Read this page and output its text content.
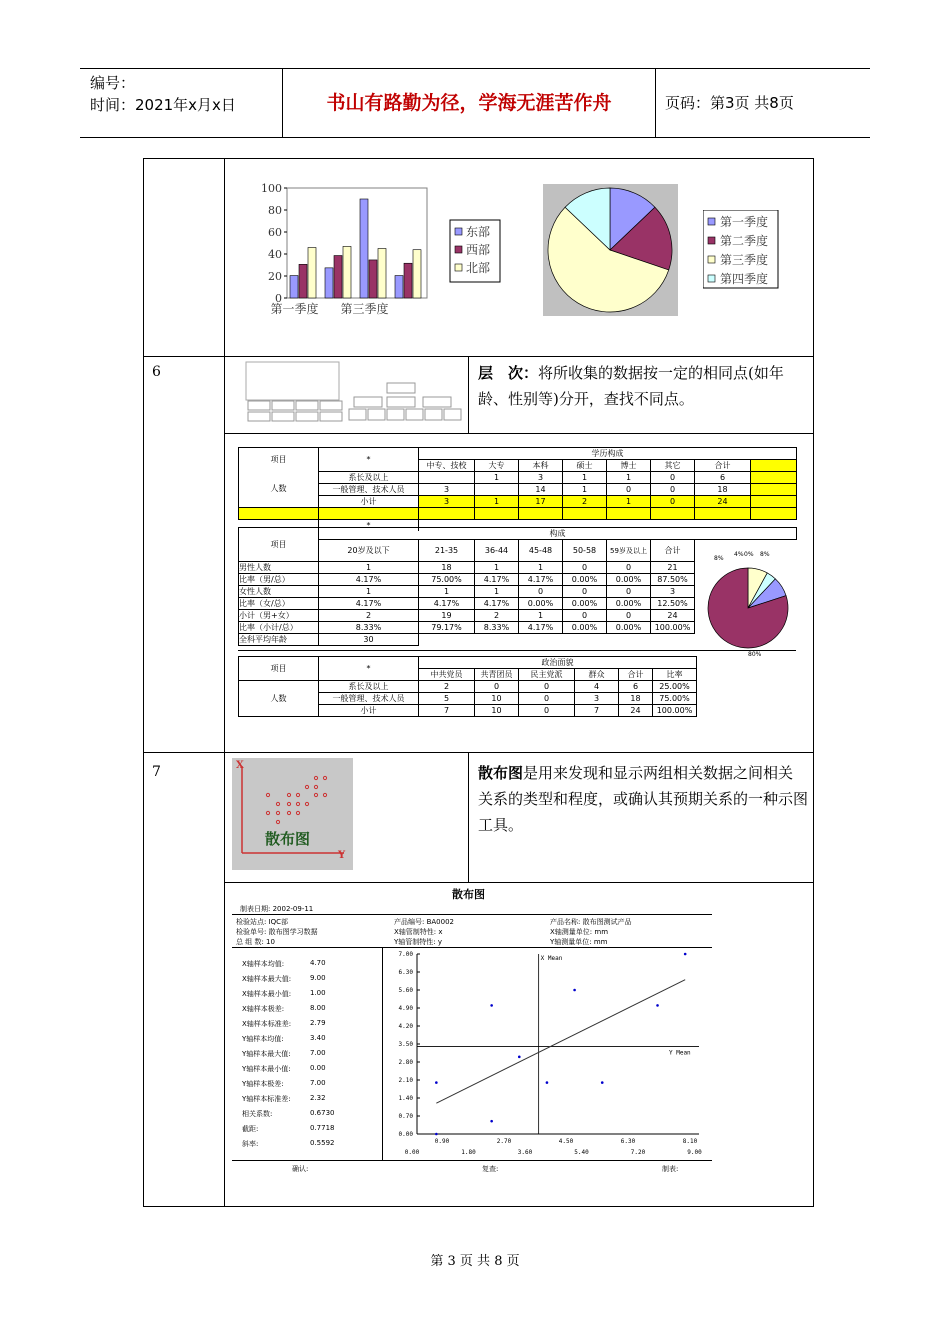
编号：
时间：2021年x月x日	书山有路勤为径，学海无涯苦作舟	页码：第3页 共8页
6
7
100
80
60
40
20
0
第一季度 第三季度
东部
西部
北部
第一季度
第二季度
第三季度
第四季度
层　次：将所收集的数据按一定的相同点(如年龄、性别等)分开，查找不同点。
项目	*	学历构成							
		中专、技校	大专	本科	硕士	博士	其它	合计	
人数	系长及以上		1	3	1	1	0	6	
	一般管理、技术人员	3		14	1	0	0	18	
	小计	3	1	17	2	1	0	24	

	*								
项目	构成							
	20岁及以下	21-35	36-44	45-48	50-58	59岁及以上	合计	
男性人数	1	18	1	1	0	0	21	
比率（男/总）	4.17%	75.00%	4.17%	4.17%	0.00%	0.00%	87.50%	
女性人数	1	1	1	0	0	0	3	
比率（女/总）	4.17%	4.17%	4.17%	0.00%	0.00%	0.00%	12.50%	
小计（男+女）	2	19	2	1	0	0	24	
比率（小计/总）	8.33%	79.17%	8.33%	4.17%	0.00%	0.00%	100.00%	
全科平均年龄	30							
8%
4% 0% 8%
80%
项目	*	政治面貌					
		中共党员	共青团员	民主党派	群众	合计	比率
人数	系长及以上	2	0	0	4	6	25.00%
	一般管理、技术人员	5	10	0	3	18	75.00%
	小计	7	10	0	7	24	100.00%
X
Y
散布图
散布图是用来发现和显示两组相关数据之间相关关系的类型和程度，或确认其预期关系的一种示图工具。
散布图
制表日期: 2002-09-11
检验站点: IQC部	产品编号: BA0002	产品名称: 散布图测试产品
检验单号: 散布图学习数据	X轴管制特性: x	X轴测量单位: mm
总 组 数: 10	Y轴管制特性: y	Y轴测量单位: mm
X轴样本均值:	4.70
X轴样本最大值:	9.00
X轴样本最小值:	1.00
X轴样本极差:	8.00
X轴样本标准差:	2.79
Y轴样本均值:	3.40
Y轴样本最大值:	7.00
Y轴样本最小值:	0.00
Y轴样本极差:	7.00
Y轴样本标准差:	2.32
相关系数:	0.6730
截距:	0.7718
斜率:	0.5592
7.00
6.30
5.60
4.90
4.20
3.50
2.80
2.10
1.40
0.70
0.00
0.90	2.70	4.50	6.30	8.10
0.00	1.80	3.60	5.40	7.20	9.00
X Mean
Y Mean
确认:	复查:	制表:
第 3 页 共 8 页
